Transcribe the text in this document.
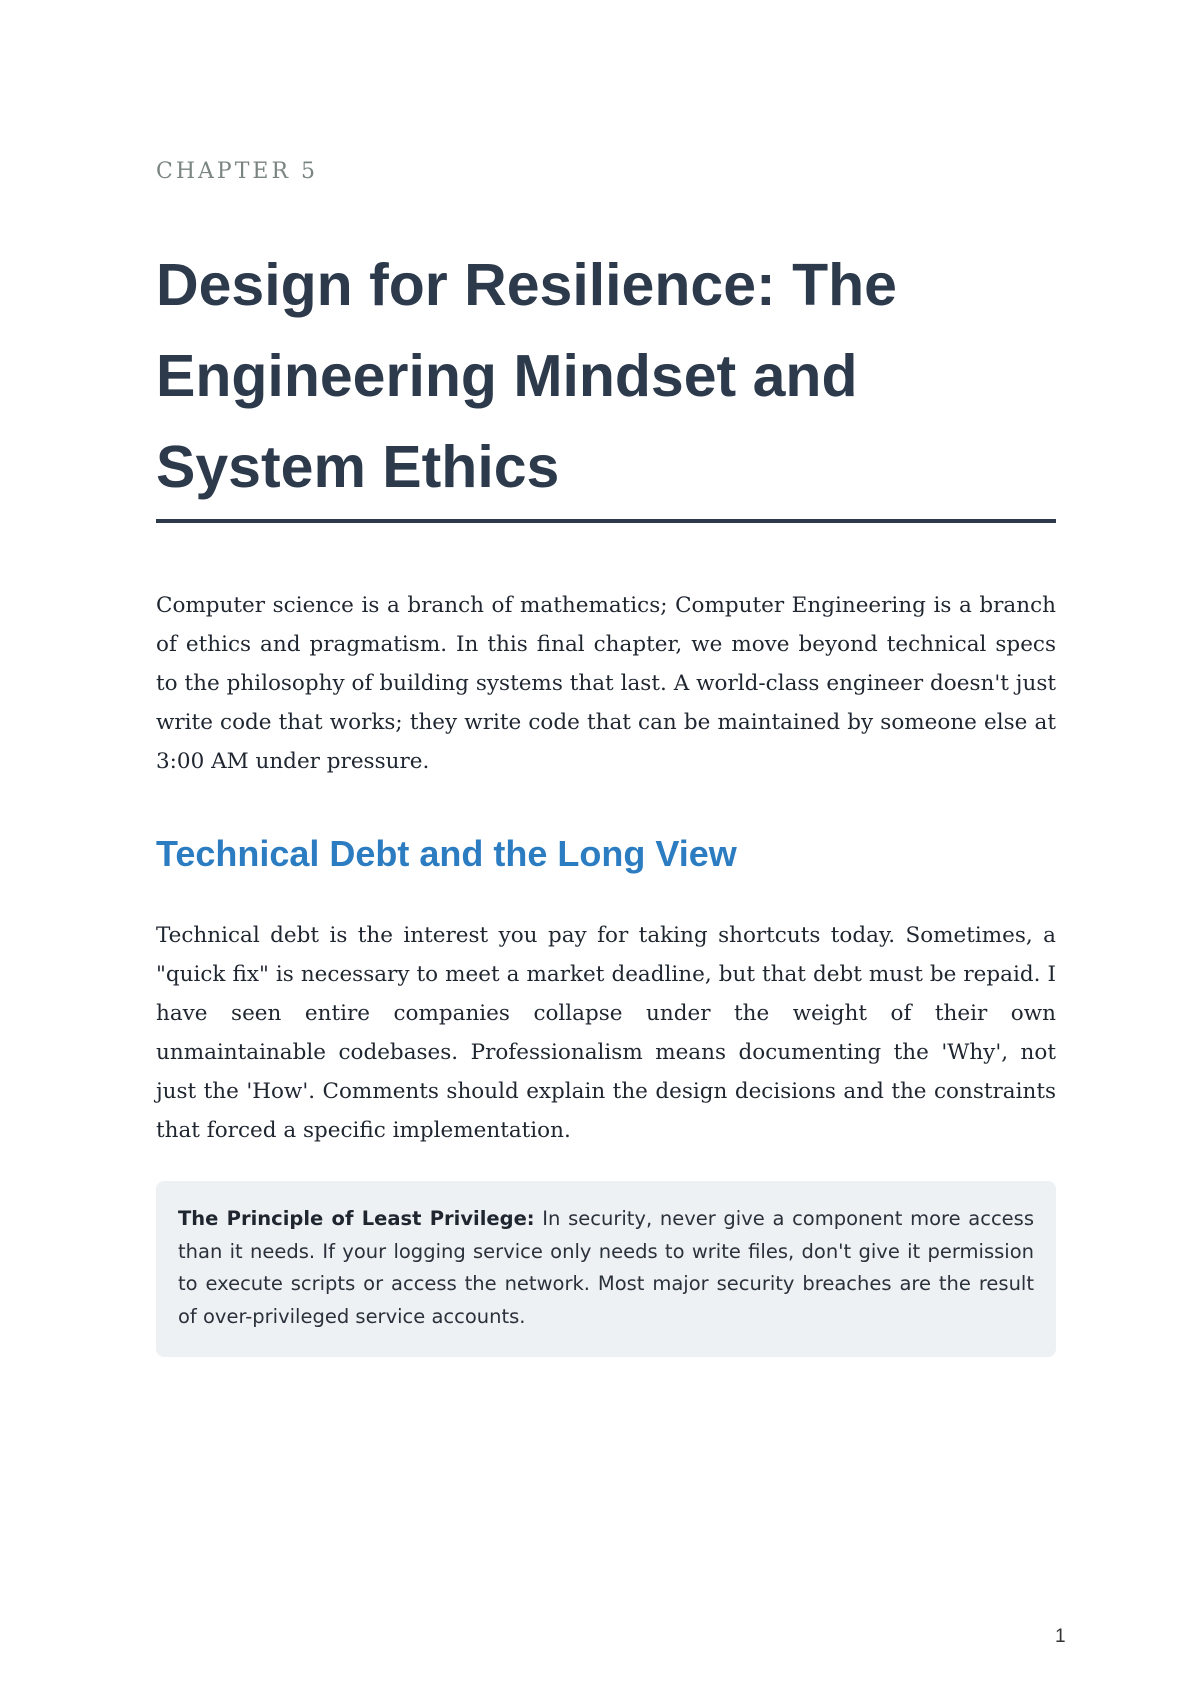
CHAPTER 5

Design for Resilience: The Engineering Mindset and System Ethics

Computer science is a branch of mathematics; Computer Engineering is a branch of ethics and pragmatism. In this final chapter, we move beyond technical specs to the philosophy of building systems that last. A world-class engineer doesn't just write code that works; they write code that can be maintained by someone else at 3:00 AM under pressure.

Technical Debt and the Long View

Technical debt is the interest you pay for taking shortcuts today. Sometimes, a "quick fix" is necessary to meet a market deadline, but that debt must be repaid. I have seen entire companies collapse under the weight of their own unmaintainable codebases. Professionalism means documenting the 'Why', not just the 'How'. Comments should explain the design decisions and the constraints that forced a specific implementation.

The Principle of Least Privilege: In security, never give a component more access than it needs. If your logging service only needs to write files, don't give it permission to execute scripts or access the network. Most major security breaches are the result of over-privileged service accounts.

1
